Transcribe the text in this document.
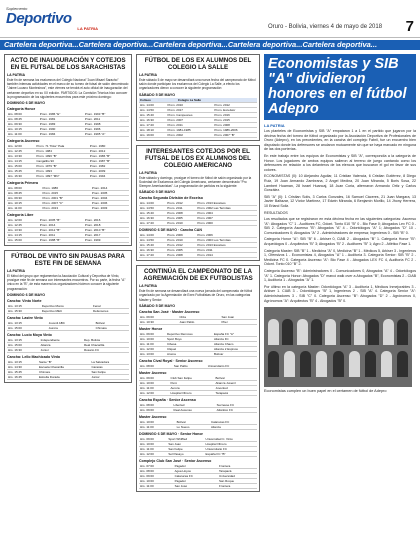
Suplemento
Deportivo
LA PATRIA	Oruro - Bolivia, viernes 4 de mayo de 2018 7
Cartelera deportiva...Cartelera deportiva...Cartelera deportiva...Cartelera deportiva...Cartelera deportiva...
ACTO DE INAUGURACIÓN Y COTEJOS EN EL FUTSAL DE LOS SARACHISTAS
LA PATRIA
Este fin de semana los exalumnos del Colegio Nacional "Juan Misael Saracho" también intensas actividades en el marco de su torneo de futsal de salón denominado "Jaime Lucano Montesinos", este viernes se tendrá el acto oficial de inauguración del certamen deportivo en su XX edición. PARTIDOS: La Comisión Técnica hizo conocer la programación de los siguientes encuentros para este próximo domingo:
DOMINGO 6 DE MAYO
Categoría Honor
Hrs. 08:00	Prom. 1986 "E"	Prom. 1993 "B"
Hrs. 08:45	Prom. 1981	Prom. 2011
Hrs. 09:30	Prom. 1983	Prom. 1998
Hrs. 10:15	Prom. 1990	Prom. 1996
Hrs. 11:00	Prom. 1984	Prom. 1995 "A"
Categoría Ascenso
Hrs. 12:00	Prom. 71 "Kike" Pala	Prom. 1980
Hrs. 12:45	Prom. 1984	Prom. 2012
Hrs. 13:30	Prom. 1996 "B"	Prom. 1986 "B"
Hrs. 14:15	Cangallito 90	Prom. 1987 "B"
Hrs. 15:00	Prom. 1979 "B"	Prom. 1982
Hrs. 15:45	Prom. 1993	Prom. 2009
Hrs. 16:30	Prom. 1997 "MN"	Prom. 1994
Categoría Primera
Hrs. 08:00	Prom. 1986	Prom. 2014
Hrs. 08:45	Prom. 2015	Prom. 2005
Hrs. 09:30	Prom. 2001 "B"	Prom. 2004
Hrs. 10:15	Prom. 2007 "C"	Prom. 2006
Hrs. 11:00	Prom. 2013	Prom. 2003
Categoría Libre
Hrs. 12:00	Prom. 2005 "B"	Prom. 2016
Hrs. 12:45	Prom. 2014	Prom. 2018
Hrs. 13:30	Prom. 2012 "B"	Prom. 2010 "B"
Hrs. 14:15	Prom. 2011	Prom. 2017
Hrs. 15:00	Prom. 1988 "B"	Prom. 1999
FÚTBOL DE VINTO SIN PAUSAS PARA ESTE FIN DE SEMANA
LA PATRIA
El fútbol del grupo que reglamentan la Asociación Cultural y Deportiva de Vinto, prosigue este fin de semana con interesantes encuentros. Por su parte, la fecha "A" único en la "B", de esta manera los organizadores hicieron conocer la siguiente programación:
DOMINGO 6 DE MAYO
Cancha: Vinto Norte
Hrs. 13:15	Deportivo Moros	Fenal
Hrs. 15:30	Deportivo MEC	Defensores
Cancha: Lastre Vinto
Hrs. 13:15	Juvenil ABC	Bolívar
Hrs. 15:00	Aurora	Chimare
Cancha: Lucio Moya Vinto
Hrs. 13:15	Independiente	Dep. Bolivia
Hrs. 15:00	Alianza	Real Chacarilla
Hrs. 16:30	Junior	Rosario FC
Cancha: Lello Machicado Vinto
Hrs. 13:15	Sante "B"	La Salvadora
Hrs. 14:30	Escuela Chacarilla	Caracas
Hrs. 15:45	Chimare	San Felipe
Hrs. 16:45	Estrella Dorada	Junior
FÚTBOL DE LOS EX ALUMNOS DEL COLEGIO LA SALLE
LA PATRIA
Este sábado 5 de mayo se desarrollará una nueva fecha del campeonato de fútbol salón donde participan los exalumnos del Colegio La Salle, a efecto los organizadores dieron a conocer la siguiente programación:
SÁBADO 5 DE MAYO
Coliseo	Colegio La Salle	
Hrs. 14:00	Prom. 2010	Prom. 2012
Hrs. 14:50	Prom. 2017	Prom. Excelsior
Hrs. 15:40	Prom. Campeones	Prom. 2016
Hrs. 16:30	Prom. 2007	Prom. 2015
Hrs. 17:20	Prom. 2011	Prom. 2008
Hrs. 18:10	Prom. 1981-1985	Prom. 1986-2006
Hrs. 19:00	Prom. 2002	Prom. 2007 "B"
INTERESANTES COTEJOS POR EL FUTSAL DE LOS EX ALUMNOS DEL COLEGIO AMERICANO
LA PATRIA
Este sábado y domingo, prosigue el torneo de fútbol de salón organizado por la Sociedad de Exalumnos del Colegio Americano, certamen denominado "Pro Siempre Americanistas". La programación de partidos es la siguiente:
SÁBADO 5 DE MAYO
Cancha Segunda División de Excelso
Hrs. 14:00	Prom. 2012	Prom. 2013 Excelsos
Hrs. 14:50	Prom. 2011	Prom. 2002 Las Termitas
Hrs. 15:40	Prom. 2008	Prom. 2004
Hrs. 16:30	Prom. 2005	Prom. 2007
Hrs. 17:20	Prom. 2010	Prom. 2000
DOMINGO 6 DE MAYO · Cancha CAN
Hrs. 14:00	Prom. 2009	Prom. 2006
Hrs. 14:50	Prom. 2010	Prom. 2003 Los Termitas
Hrs. 15:40	Prom. 2012	Prom. 2013 Excelsos
Hrs. 16:30	Prom. 2005	Prom. 2011
Hrs. 17:20	Prom. 2008	Prom. 2014
CONTINÚA EL CAMPEONATO DE LA AGREMIACIÓN DE EX FUTBOLISTAS
LA PATRIA
Este fin de semana se desarrollará una nueva jornada del campeonato de fútbol organizado por la Agremiación de Exex Futbolistas de Oruro, en las categorías Master y Senior:
SÁBADO 5 DE MAYO
Cancha San José · Master Ascenso
Hrs. 09:00	Cliza	San Juan
Hrs. 10:30	Juan Pablo	Piter
Master Honor
Hrs. 09:00	Deportivo Rennoso	España FC "A"
Hrs. 10:00	Sport Boys	Alianza FC
Hrs. 11:00	Cibesa	Alianza Chaco
Hrs. 12:00	Cliquel	Alianza 2 Espinos
Hrs. 13:00	Aroma	Bolívar
Cancha Cival Royal · Senior Ascenso
Hrs. 08:00	San Pablo	Universitario FC
Master Ascenso
Hrs. 09:00	Club San Felipe	Bolívar
Hrs. 10:00	Perú	Alianza Juvenil
Hrs. 11:00	Aurora	Juventud
Hrs. 12:00	Hospital Obrero	Tarapacá
Cancha España · Senior Ascenso
Hrs. 08:00	Libertad	Sucreuse FC
Hrs. 09:00	Real Ascenso	Atlántico FC
Master Ascenso
Hrs. 10:00	Bolívar	Calarucas FC
Hrs. 11:00	Lo Nuevo	Alianza
DOMINGO 6 DE MAYO · Senior Honor
Hrs. 09:00	Sport Whiffled	Universidad C. Vinto
Hrs. 10:00	San Juan	Hospital Obrero
Hrs. 11:00	San Felipe	Universitario FC
Hrs. 12:00	Sol Pasayo	España FC "B"
Complejo Club San José · Senior Ascenso
Hrs. 07:00	Pagador	Frontera
Hrs. 08:00	Agua Hoyos	Tarapacá
Hrs. 09:00	Calarucas FC	Universidad
Hrs. 10:00	Pagador	San Roque
Hrs. 11:00	San José	Frontera
Economistas y SIB "A" dividieron honores en el fútbol Adepro
LA PATRIA

Los planteles de Economistas y SIB "A" empataron 1 a 1 en el partido que jugaron por la décima fecha del torneo de fútbol organizado por la Asociación Deportiva de Profesionales de Oruro (Adepro), en los precedentes, en la cancha del complejo Fabril, fue un encuentro bien disputado donde los defensores se anularon mutuamente sin que se haya marcado en ninguna de las dos porterías.

En este trabajo entre los equipos de Economistas y SIB "A", correspondía a la categoría de Honor. Los jugadores de ambos equipos salieron al terreno de juego cantando como los defensores en relación a los delanteros de los elencos que buscaron el gol en favor de sus colores.

ECONOMISTAS (0): 10 Alejandro Aguilar, 11 Cristian Valencia, 6 Cristian Gutiérrez, 8 Diego Ruiz, 19 Juan Armando Zambrana, 2 Angel Medina, 20 Juan Miranda, 5 Boris Sosa, 22 Lambert Huaman, 28 Israel Huancaj, 18 Juan Coria, alternaron Armando Ortiz y Carlos González.

SIB "A" (0): 1 Cristian Solís, 3 Carlos Gonzales, 16 Samuel Cáceres, 21 Juan Margara, 13 Javier Baltazar, 12 Víctor Martínez, 17 Edwin Miranda, 6 Benjamín Morillo, 14 Jhony Herrera, 10 Erland Soliz.

RESULTADOS

Los resultados que se registraron en esta décima fecha en las siguientes categorías: Ascenso "A": Abogados "C" 1 - Auditores FC, Odont. Tonto 010 "B" 0 - Bio Fase 0; Abogados Lex FC 0 - SIB 2. Categoría Ascenso "B": Abogados "A" 4 - Odontólogos "A" 1; Abogados "D" 10 - Comunicadores 0; Abogados "A" 2 - Administradores de empresa; Ingenieros 0 - SIB "B" 0.

Categoría Honor "A": SIB "B" 6 - Arkiser 0, CIAB 2 - Abogados "B" 1. Categoría Honor "B": Arqueólogos 0 - Arquitectos "B" 3; Abogados "B" 2 - Auditores "B" 1; Agro 2 - Atlético Fase 1.

Categoría Master: SIB "B" 1 - Medicina "A" 0, Medicina "B" 1 - Médicos 5, Arkiser 3 - Ingenieros 1, Ofensivos 1 - Economistas 4, Abogados "A" 1 - Auditoría 3. Categoría Senior: SIB "B" 2 - Medicina FC 0. Categoría Ascenso "A": Bio Fase 4 - Abogados LEX FC 4, Auditoría FC 2 - Odont. Tonto 010 "B" 2.

Categoría Ascenso "B": Administradores 0 - Comunicadores 0, Abogados "A" 4 - Odontólogos "A" 1. Categoría Honor: Abogados "D" marcó walk over a Abogados "B", Economistas 2 - CIAB 1, Auditoría 1 - Abogados "A" 1.

Por último en la categoría Master: Odontólogos "A" 3 - Auditoría 1, Médicos Inmejorables 3 - Arkiser 1. CIAB 3 - Odontólogos "B" 1, Ingenieros 2 - SIB "A" 4. Categoría Senior "A": Administradores 3 - SIB "C" 0. Categoría Ascenso "B": Abogados "D" 2 - Agrónomos 0, Agrónomos "A": Arquitectos "B" 4 - Abogados "B" 0.

Economistas cumplen un buen papel en el certamen de fútbol de Adepro
